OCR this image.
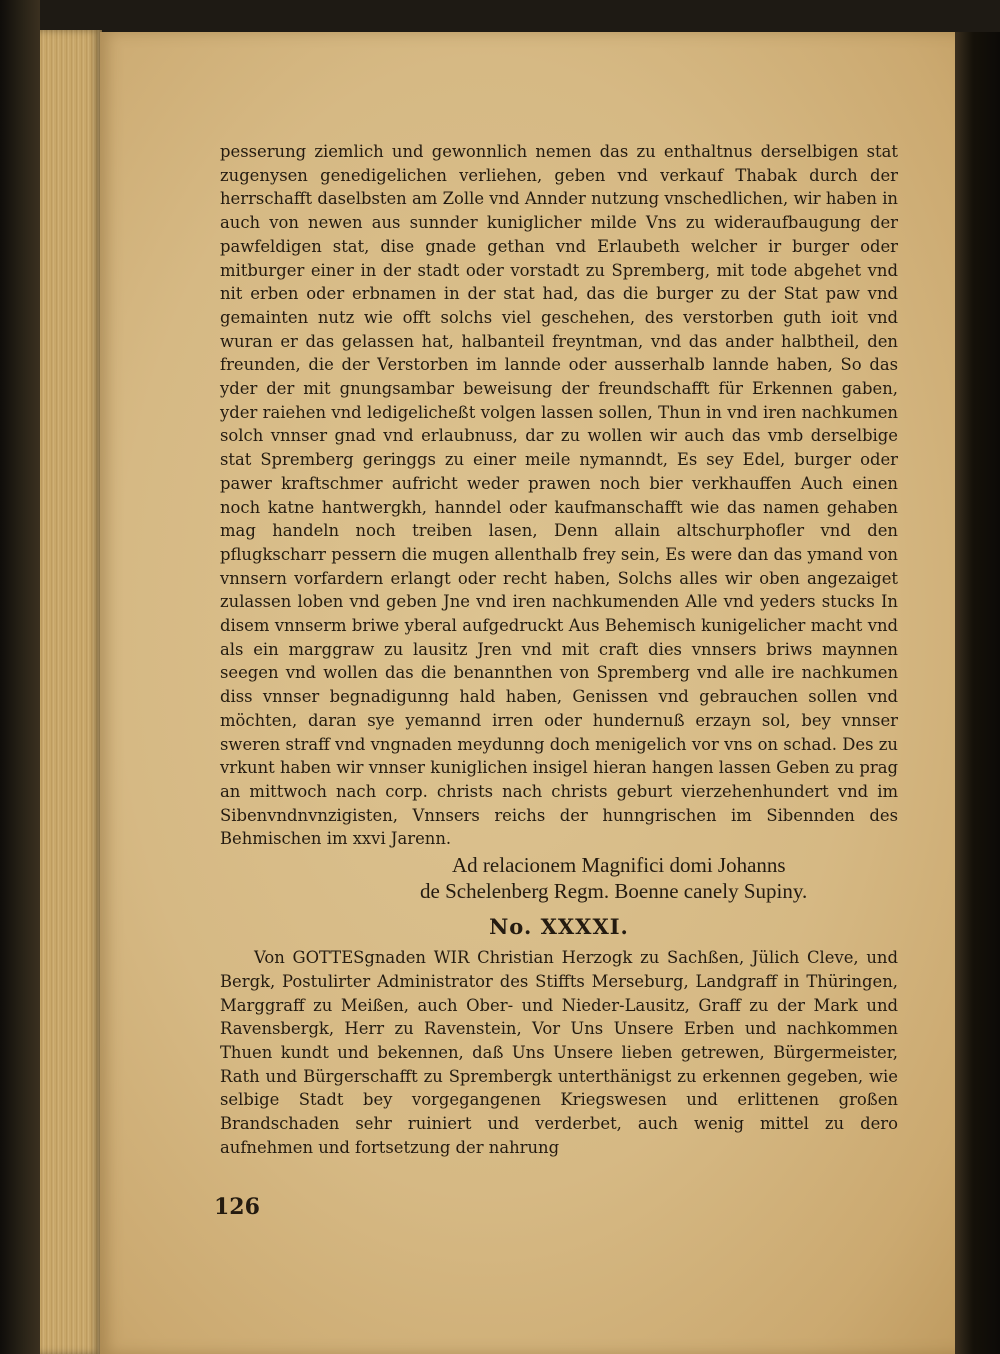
pesserung ziemlich und gewonnlich nemen das zu enthaltnus derselbigen stat zugenysen genedigelichen verliehen, geben vnd verkauf Thabak durch der herrschafft daselbsten am Zolle vnd Annder nutzung vnschedlichen, wir haben in auch von newen aus sunnder kuniglicher milde Vns zu wideraufbaugung der pawfeldigen stat, dise gnade gethan vnd Erlaubeth welcher ir burger oder mitburger einer in der stadt oder vorstadt zu Spremberg, mit tode abgehet vnd nit erben oder erbnamen in der stat had, das die burger zu der Stat paw vnd gemainten nutz wie offt solchs viel geschehen, des verstorben guth ioit vnd wuran er das gelassen hat, halbanteil freyntman, vnd das ander halbtheil, den freunden, die der Verstorben im lannde oder ausserhalb lannde haben, So das yder der mit gnungsambar beweisung der freundschafft für Erkennen gaben, yder raiehen vnd ledigelicheßt volgen lassen sollen, Thun in vnd iren nachkumen solch vnnser gnad vnd erlaubnuss, dar zu wollen wir auch das vmb derselbige stat Spremberg geringgs zu einer meile nymanndt, Es sey Edel, burger oder pawer kraftschmer aufricht weder prawen noch bier verkhauffen Auch einen noch katne hantwergkh, hanndel oder kaufmanschafft wie das namen gehaben mag handeln noch treiben lasen, Denn allain altschurphofler vnd den pflugkscharr pessern die mugen allenthalb frey sein, Es were dan das ymand von vnnsern vorfardern erlangt oder recht haben, Solchs alles wir oben angezaiget zulassen loben vnd geben Jne vnd iren nachkumenden Alle vnd yeders stucks In disem vnnserm briwe yberal aufgedruckt Aus Behemisch kunigelicher macht vnd als ein marggraw zu lausitz Jren vnd mit craft dies vnnsers briws maynnen seegen vnd wollen das die benannthen von Spremberg vnd alle ire nachkumen diss vnnser begnadigunng hald haben, Genissen vnd gebrauchen sollen vnd möchten, daran sye yemannd irren oder hundernuß erzayn sol, bey vnnser sweren straff vnd vngnaden meydunng doch menigelich vor vns on schad. Des zu vrkunt haben wir vnnser kuniglichen insigel hieran hangen lassen Geben zu prag an mittwoch nach corp. christs nach christs geburt vierzehenhundert vnd im Sibenvndnvnzigisten, Vnnsers reichs der hunngrischen im Sibennden des Behmischen im xxvi Jarenn.

Ad relacionem Magnifici domi Johanns
de Schelenberg Regm. Boenne canely Supiny.
No. XXXXI.

Von GOTTESgnaden WIR Christian Herzogk zu Sachßen, Jülich Cleve, und Bergk, Postulirter Administrator des Stiffts Merseburg, Landgraff in Thüringen, Marggraff zu Meißen, auch Ober- und Nieder-Lausitz, Graff zu der Mark und Ravensbergk, Herr zu Ravenstein, Vor Uns Unsere Erben und nachkommen Thuen kundt und bekennen, daß Uns Unsere lieben getrewen, Bürgermeister, Rath und Bürgerschafft zu Sprembergk unterthänigst zu erkennen gegeben, wie selbige Stadt bey vorgegangenen Kriegswesen und erlittenen großen Brandschaden sehr ruiniert und verderbet, auch wenig mittel zu dero aufnehmen und fortsetzung der nahrung

126
